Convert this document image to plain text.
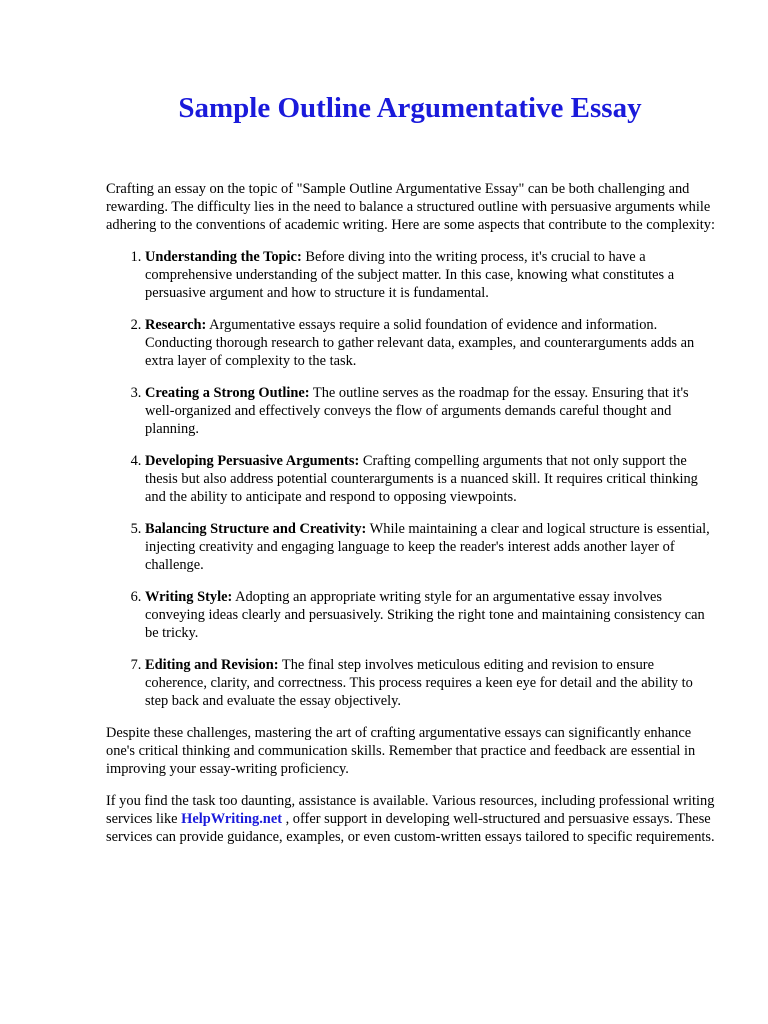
Sample Outline Argumentative Essay

Crafting an essay on the topic of "Sample Outline Argumentative Essay" can be both challenging and rewarding. The difficulty lies in the need to balance a structured outline with persuasive arguments while adhering to the conventions of academic writing. Here are some aspects that contribute to the complexity:

1. Understanding the Topic: Before diving into the writing process, it's crucial to have a comprehensive understanding of the subject matter. In this case, knowing what constitutes a persuasive argument and how to structure it is fundamental.
2. Research: Argumentative essays require a solid foundation of evidence and information. Conducting thorough research to gather relevant data, examples, and counterarguments adds an extra layer of complexity to the task.
3. Creating a Strong Outline: The outline serves as the roadmap for the essay. Ensuring that it's well-organized and effectively conveys the flow of arguments demands careful thought and planning.
4. Developing Persuasive Arguments: Crafting compelling arguments that not only support the thesis but also address potential counterarguments is a nuanced skill. It requires critical thinking and the ability to anticipate and respond to opposing viewpoints.
5. Balancing Structure and Creativity: While maintaining a clear and logical structure is essential, injecting creativity and engaging language to keep the reader's interest adds another layer of challenge.
6. Writing Style: Adopting an appropriate writing style for an argumentative essay involves conveying ideas clearly and persuasively. Striking the right tone and maintaining consistency can be tricky.
7. Editing and Revision: The final step involves meticulous editing and revision to ensure coherence, clarity, and correctness. This process requires a keen eye for detail and the ability to step back and evaluate the essay objectively.

Despite these challenges, mastering the art of crafting argumentative essays can significantly enhance one's critical thinking and communication skills. Remember that practice and feedback are essential in improving your essay-writing proficiency.

If you find the task too daunting, assistance is available. Various resources, including professional writing services like HelpWriting.net , offer support in developing well-structured and persuasive essays. These services can provide guidance, examples, or even custom-written essays tailored to specific requirements.
